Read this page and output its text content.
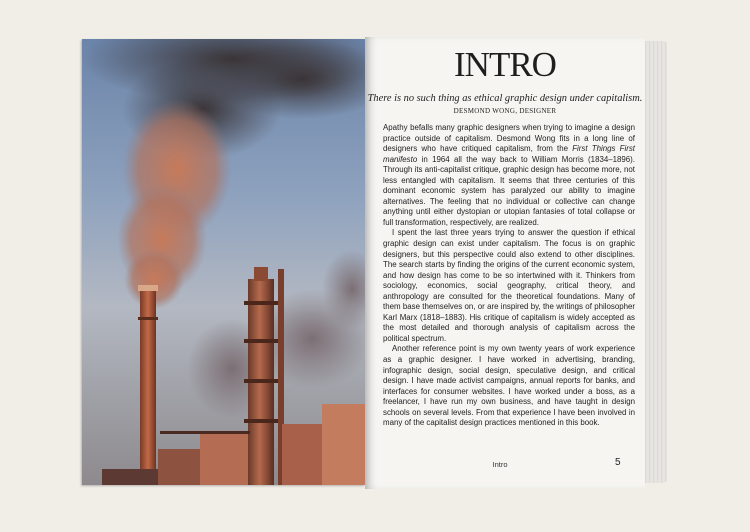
INTRO
There is no such thing as ethical graphic design under capitalism.
DESMOND WONG, DESIGNER

Apathy befalls many graphic designers when trying to imagine a design practice outside of capitalism. Desmond Wong fits in a long line of designers who have critiqued capitalism, from the First Things First manifesto in 1964 all the way back to William Morris (1834–1896). Through its anti-capitalist critique, graphic design has become more, not less entangled with capitalism. It seems that three centuries of this dominant economic system has paralyzed our ability to imagine alternatives. The feeling that no individual or collective can change anything until either dystopian or utopian fantasies of total collapse or full transformation, respectively, are realized.

I spent the last three years trying to answer the question if ethical graphic design can exist under capitalism. The focus is on graphic designers, but this perspective could also extend to other disciplines. The search starts by finding the origins of the current economic system, and how design has come to be so intertwined with it. Thinkers from sociology, economics, social geography, critical theory, and anthropology are consulted for the theoretical foundations. Many of them base themselves on, or are inspired by, the writings of philosopher Karl Marx (1818–1883). His critique of capitalism is widely accepted as the most detailed and thorough analysis of capitalism across the political spectrum.

Another reference point is my own twenty years of work experience as a graphic designer. I have worked in advertising, branding, infographic design, social design, speculative design, and critical design. I have made activist campaigns, annual reports for banks, and interfaces for consumer websites. I have worked under a boss, as a freelancer, I have run my own business, and have taught in design schools on several levels. From that experience I have been involved in many of the capitalist design practices mentioned in this book.

Intro	5
